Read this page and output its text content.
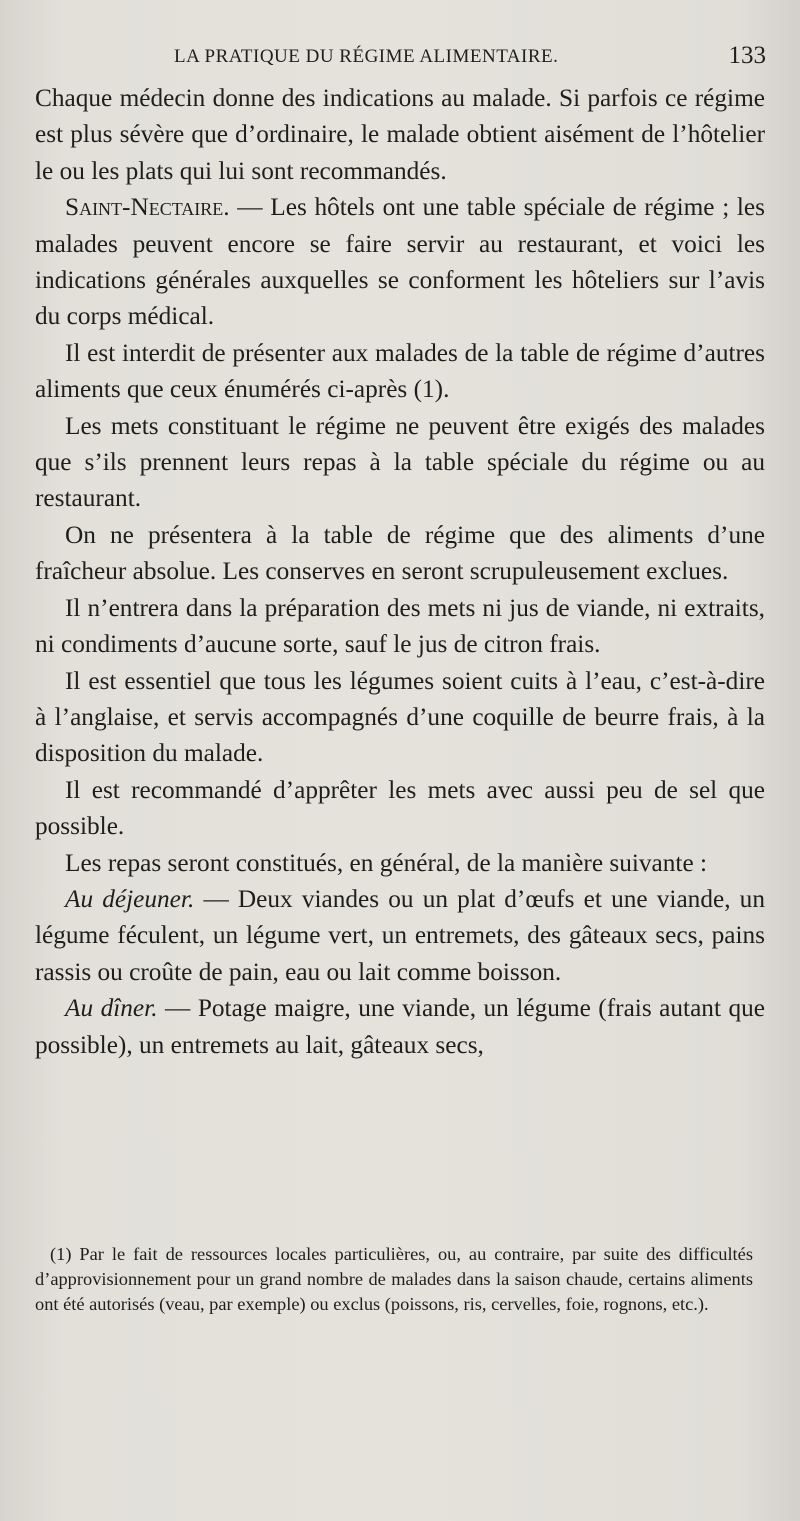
LA PRATIQUE DU RÉGIME ALIMENTAIRE.	133

Chaque médecin donne des indications au malade. Si parfois ce régime est plus sévère que d’ordinaire, le malade obtient aisément de l’hôtelier le ou les plats qui lui sont recommandés.

Saint-Nectaire. — Les hôtels ont une table spéciale de régime ; les malades peuvent encore se faire servir au restaurant, et voici les indications générales auxquelles se conforment les hôteliers sur l’avis du corps médical.

Il est interdit de présenter aux malades de la table de régime d’autres aliments que ceux énumérés ci-après (1).

Les mets constituant le régime ne peuvent être exigés des malades que s’ils prennent leurs repas à la table spéciale du régime ou au restaurant.

On ne présentera à la table de régime que des aliments d’une fraîcheur absolue. Les conserves en seront scrupuleusement exclues.

Il n’entrera dans la préparation des mets ni jus de viande, ni extraits, ni condiments d’aucune sorte, sauf le jus de citron frais.

Il est essentiel que tous les légumes soient cuits à l’eau, c’est-à-dire à l’anglaise, et servis accompagnés d’une coquille de beurre frais, à la disposition du malade.

Il est recommandé d’apprêter les mets avec aussi peu de sel que possible.

Les repas seront constitués, en général, de la manière suivante :

Au déjeuner. — Deux viandes ou un plat d’œufs et une viande, un légume féculent, un légume vert, un entremets, des gâteaux secs, pains rassis ou croûte de pain, eau ou lait comme boisson.

Au dîner. — Potage maigre, une viande, un légume (frais autant que possible), un entremets au lait, gâteaux secs,

(1) Par le fait de ressources locales particulières, ou, au contraire, par suite des difficultés d’approvisionnement pour un grand nombre de malades dans la saison chaude, certains aliments ont été autorisés (veau, par exemple) ou exclus (poissons, ris, cervelles, foie, rognons, etc.).
